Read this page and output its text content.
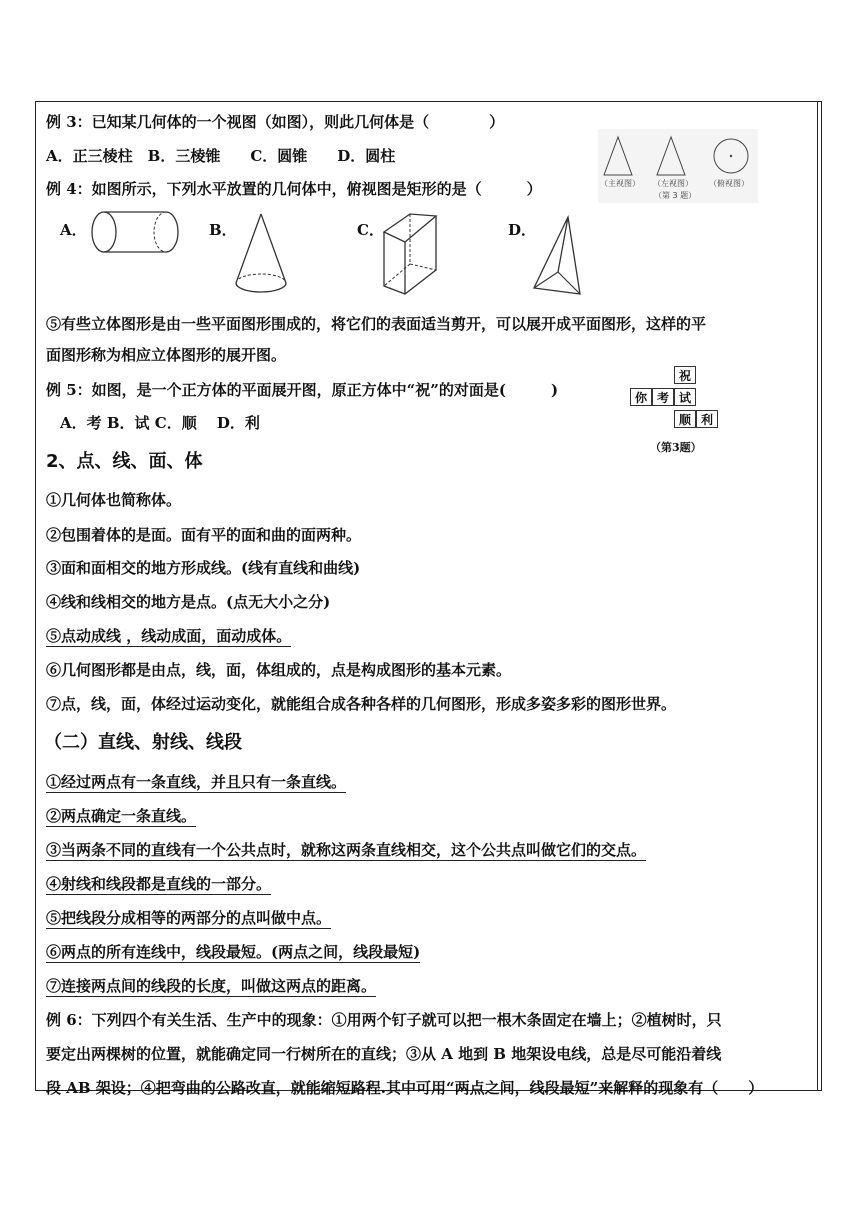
例 3：已知某几何体的一个视图（如图），则此几何体是（　　　　）
A．正三棱柱　B．三棱锥　　C．圆锥　　D．圆柱
（主视图） （左视图） （俯视图）
（第 3 题）
例 4：如图所示，下列水平放置的几何体中，俯视图是矩形的是（　　　）
A．	B．	C．	D．
⑤有些立体图形是由一些平面图形围成的，将它们的表面适当剪开，可以展开成平面图形，这样的平
面图形称为相应立体图形的展开图。
例 5：如图，是一个正方体的平面展开图，原正方体中“祝”的对面是(　　　)
A．考 B．试 C．顺　 D．利
祝
你 考 试
顺 利
（第3题）
2、点、线、面、体
①几何体也简称体。
②包围着体的是面。面有平的面和曲的面两种。
③面和面相交的地方形成线。(线有直线和曲线)
④线和线相交的地方是点。(点无大小之分)
⑤点动成线 ，线动成面，面动成体。
⑥几何图形都是由点，线，面，体组成的，点是构成图形的基本元素。
⑦点，线，面，体经过运动变化，就能组合成各种各样的几何图形，形成多姿多彩的图形世界。
（二）直线、射线、线段
①经过两点有一条直线，并且只有一条直线。
②两点确定一条直线。
③当两条不同的直线有一个公共点时，就称这两条直线相交，这个公共点叫做它们的交点。
④射线和线段都是直线的一部分。
⑤把线段分成相等的两部分的点叫做中点。
⑥两点的所有连线中，线段最短。(两点之间，线段最短)
⑦连接两点间的线段的长度，叫做这两点的距离。
例 6：下列四个有关生活、生产中的现象：①用两个钉子就可以把一根木条固定在墙上；②植树时，只
要定出两棵树的位置，就能确定同一行树所在的直线；③从 A 地到 B 地架设电线，总是尽可能沿着线
段 AB 架设；④把弯曲的公路改直，就能缩短路程.其中可用“两点之间，线段最短”来解释的现象有（　　）
